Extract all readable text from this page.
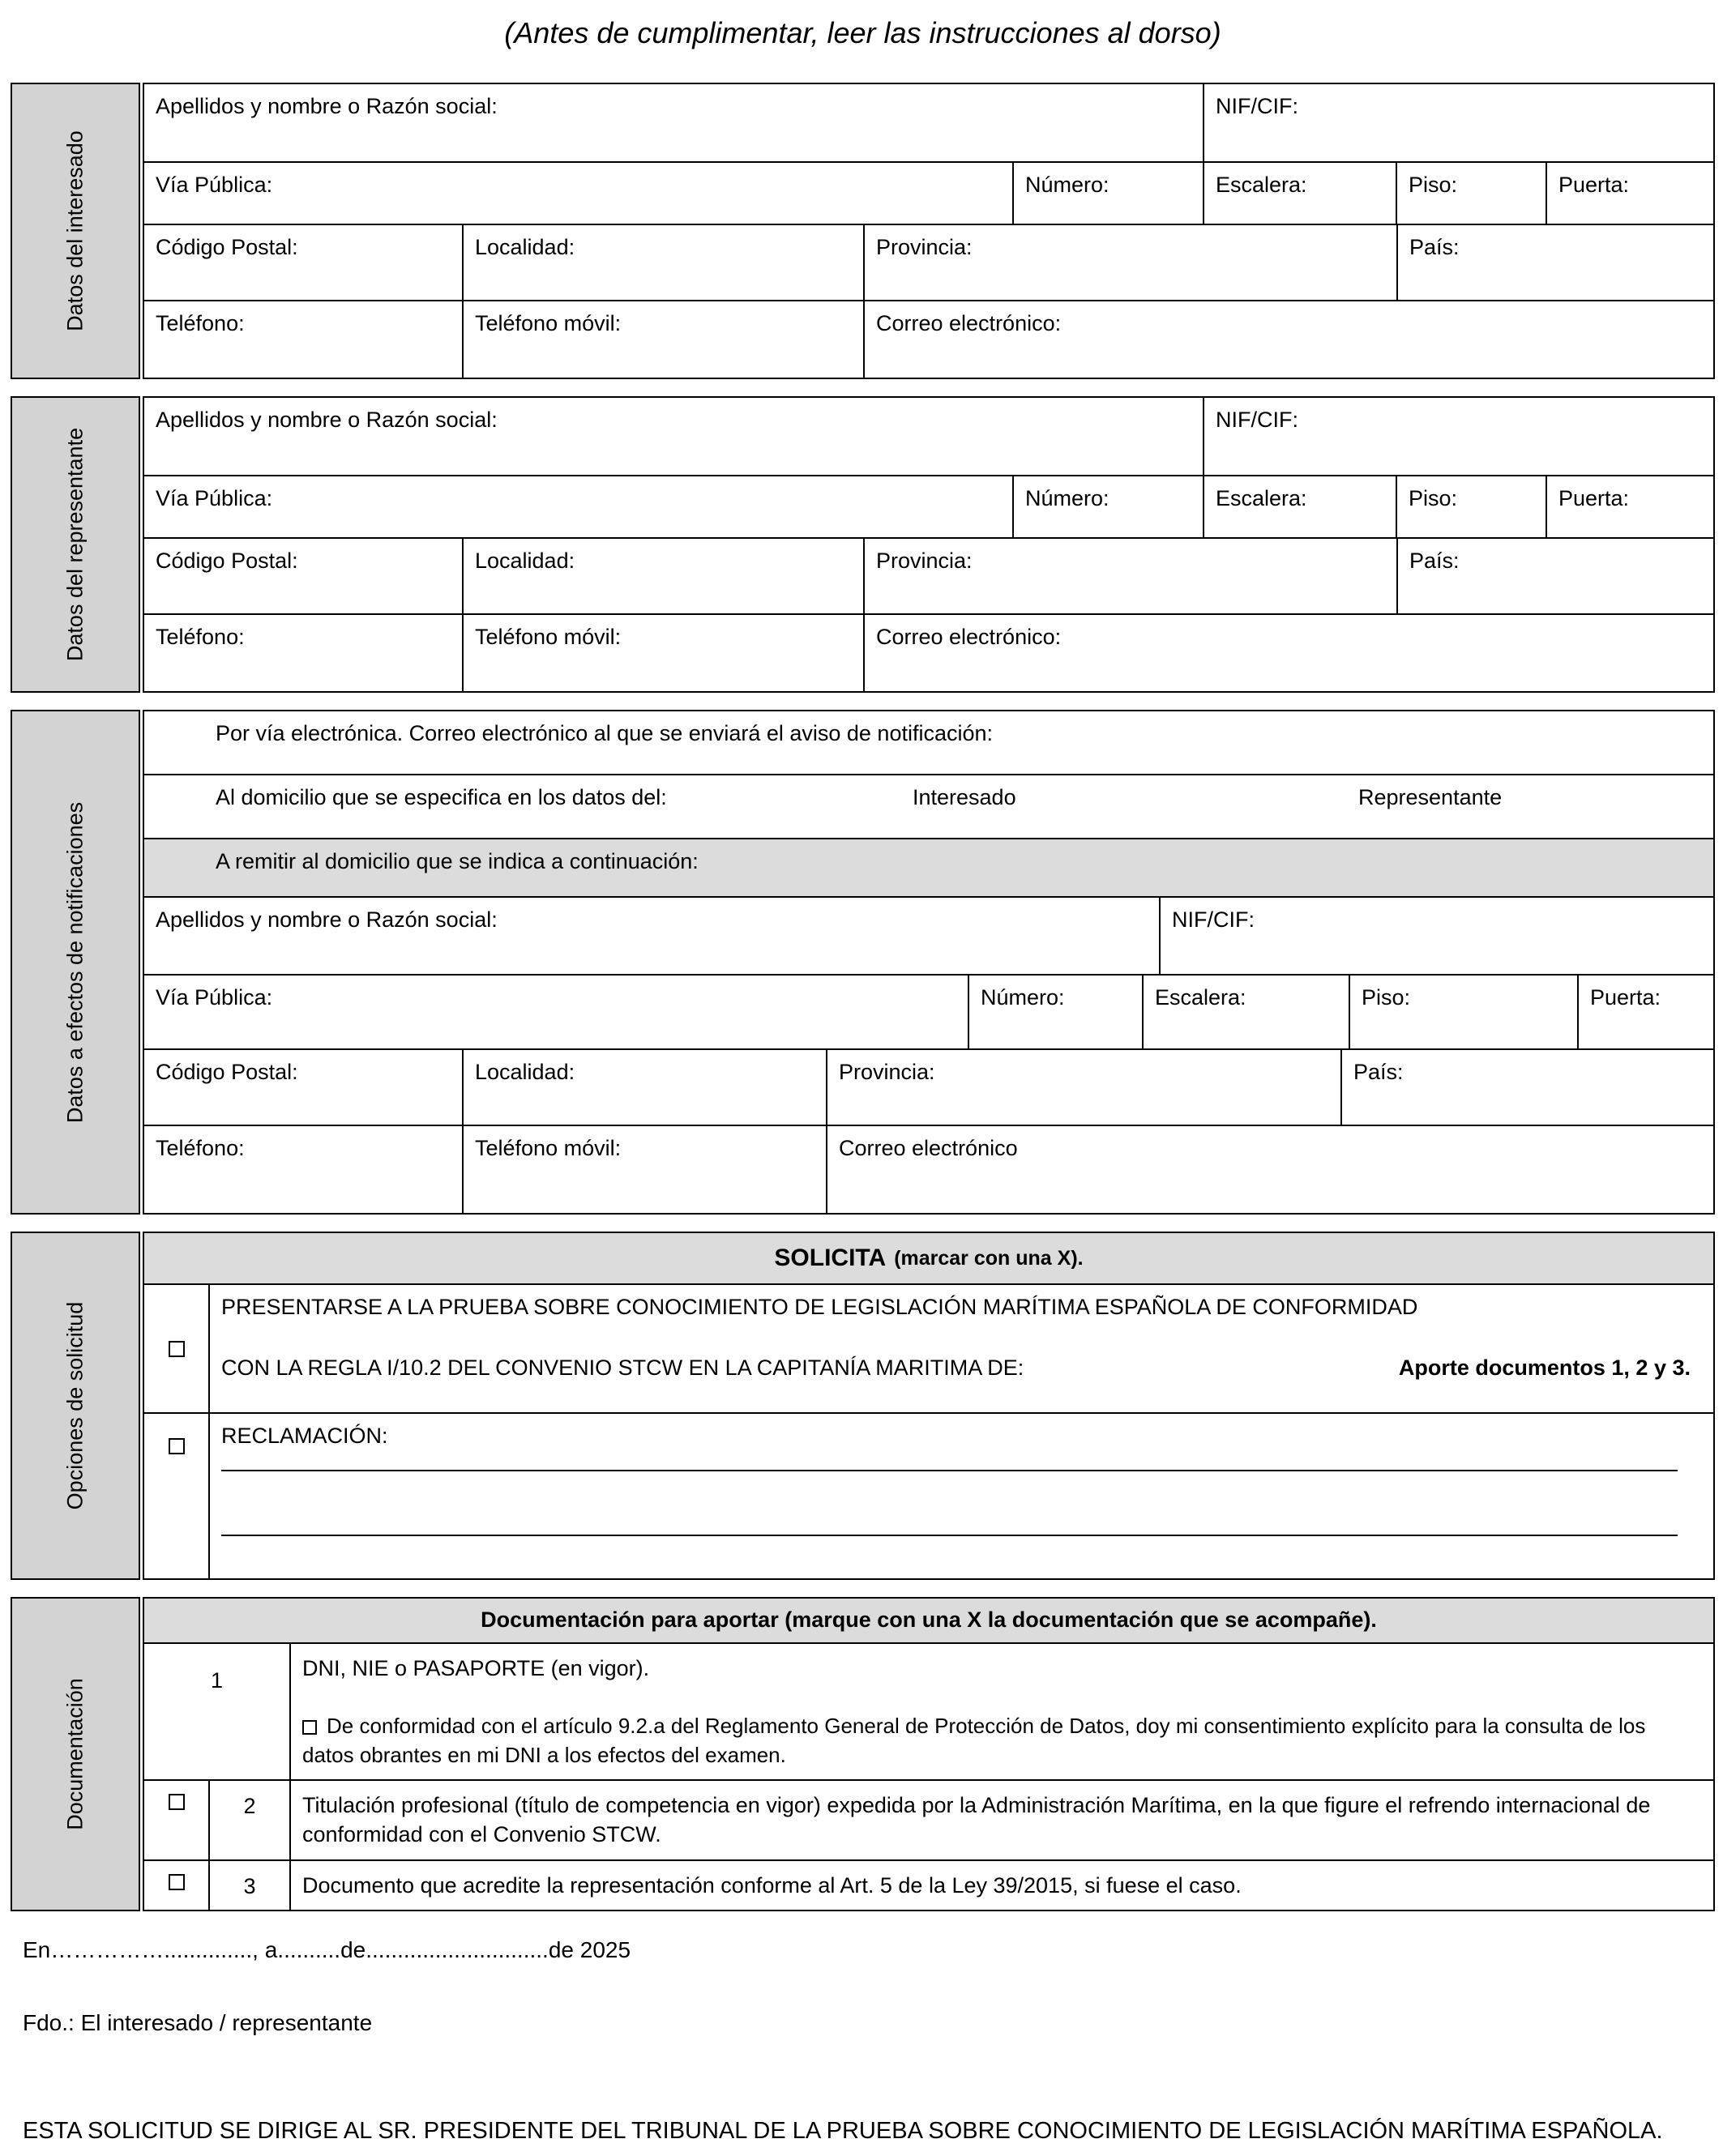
(Antes de cumplimentar, leer las instrucciones al dorso)
Datos del interesado
Apellidos y nombre o Razón social:	NIF/CIF:
Vía Pública:	Número:	Escalera:	Piso:	Puerta:
Código Postal:	Localidad:	Provincia:	País:
Teléfono:	Teléfono móvil:	Correo electrónico:
Datos del representante
Apellidos y nombre o Razón social:	NIF/CIF:
Vía Pública:	Número:	Escalera:	Piso:	Puerta:
Código Postal:	Localidad:	Provincia:	País:
Teléfono:	Teléfono móvil:	Correo electrónico:
Datos a efectos de notificaciones
Por vía electrónica. Correo electrónico al que se enviará el aviso de notificación:
Al domicilio que se especifica en los datos del:	Interesado	Representante
A remitir al domicilio que se indica a continuación:
Apellidos y nombre o Razón social:	NIF/CIF:
Vía Pública:	Número:	Escalera:	Piso:	Puerta:
Código Postal:	Localidad:	Provincia:	País:
Teléfono:	Teléfono móvil:	Correo electrónico
Opciones de solicitud
SOLICITA (marcar con una X).
PRESENTARSE A LA PRUEBA SOBRE CONOCIMIENTO DE LEGISLACIÓN MARÍTIMA ESPAÑOLA DE CONFORMIDAD
CON LA REGLA I/10.2 DEL CONVENIO STCW EN LA CAPITANÍA MARITIMA DE:	Aporte documentos 1, 2 y 3.
RECLAMACIÓN:
Documentación
Documentación para aportar (marque con una X la documentación que se acompañe).
1	DNI, NIE o PASAPORTE (en vigor).
De conformidad con el artículo 9.2.a del Reglamento General de Protección de Datos, doy mi consentimiento explícito para la consulta de los datos obrantes en mi DNI a los efectos del examen.
2	Titulación profesional (título de competencia en vigor) expedida por la Administración Marítima, en la que figure el refrendo internacional de conformidad con el Convenio STCW.
3	Documento que acredite la representación conforme al Art. 5 de la Ley 39/2015, si fuese el caso.
En…………….............., a..........de.............................de 2025
Fdo.: El interesado / representante
ESTA SOLICITUD SE DIRIGE AL SR. PRESIDENTE DEL TRIBUNAL DE LA PRUEBA SOBRE CONOCIMIENTO DE LEGISLACIÓN MARÍTIMA ESPAÑOLA.
